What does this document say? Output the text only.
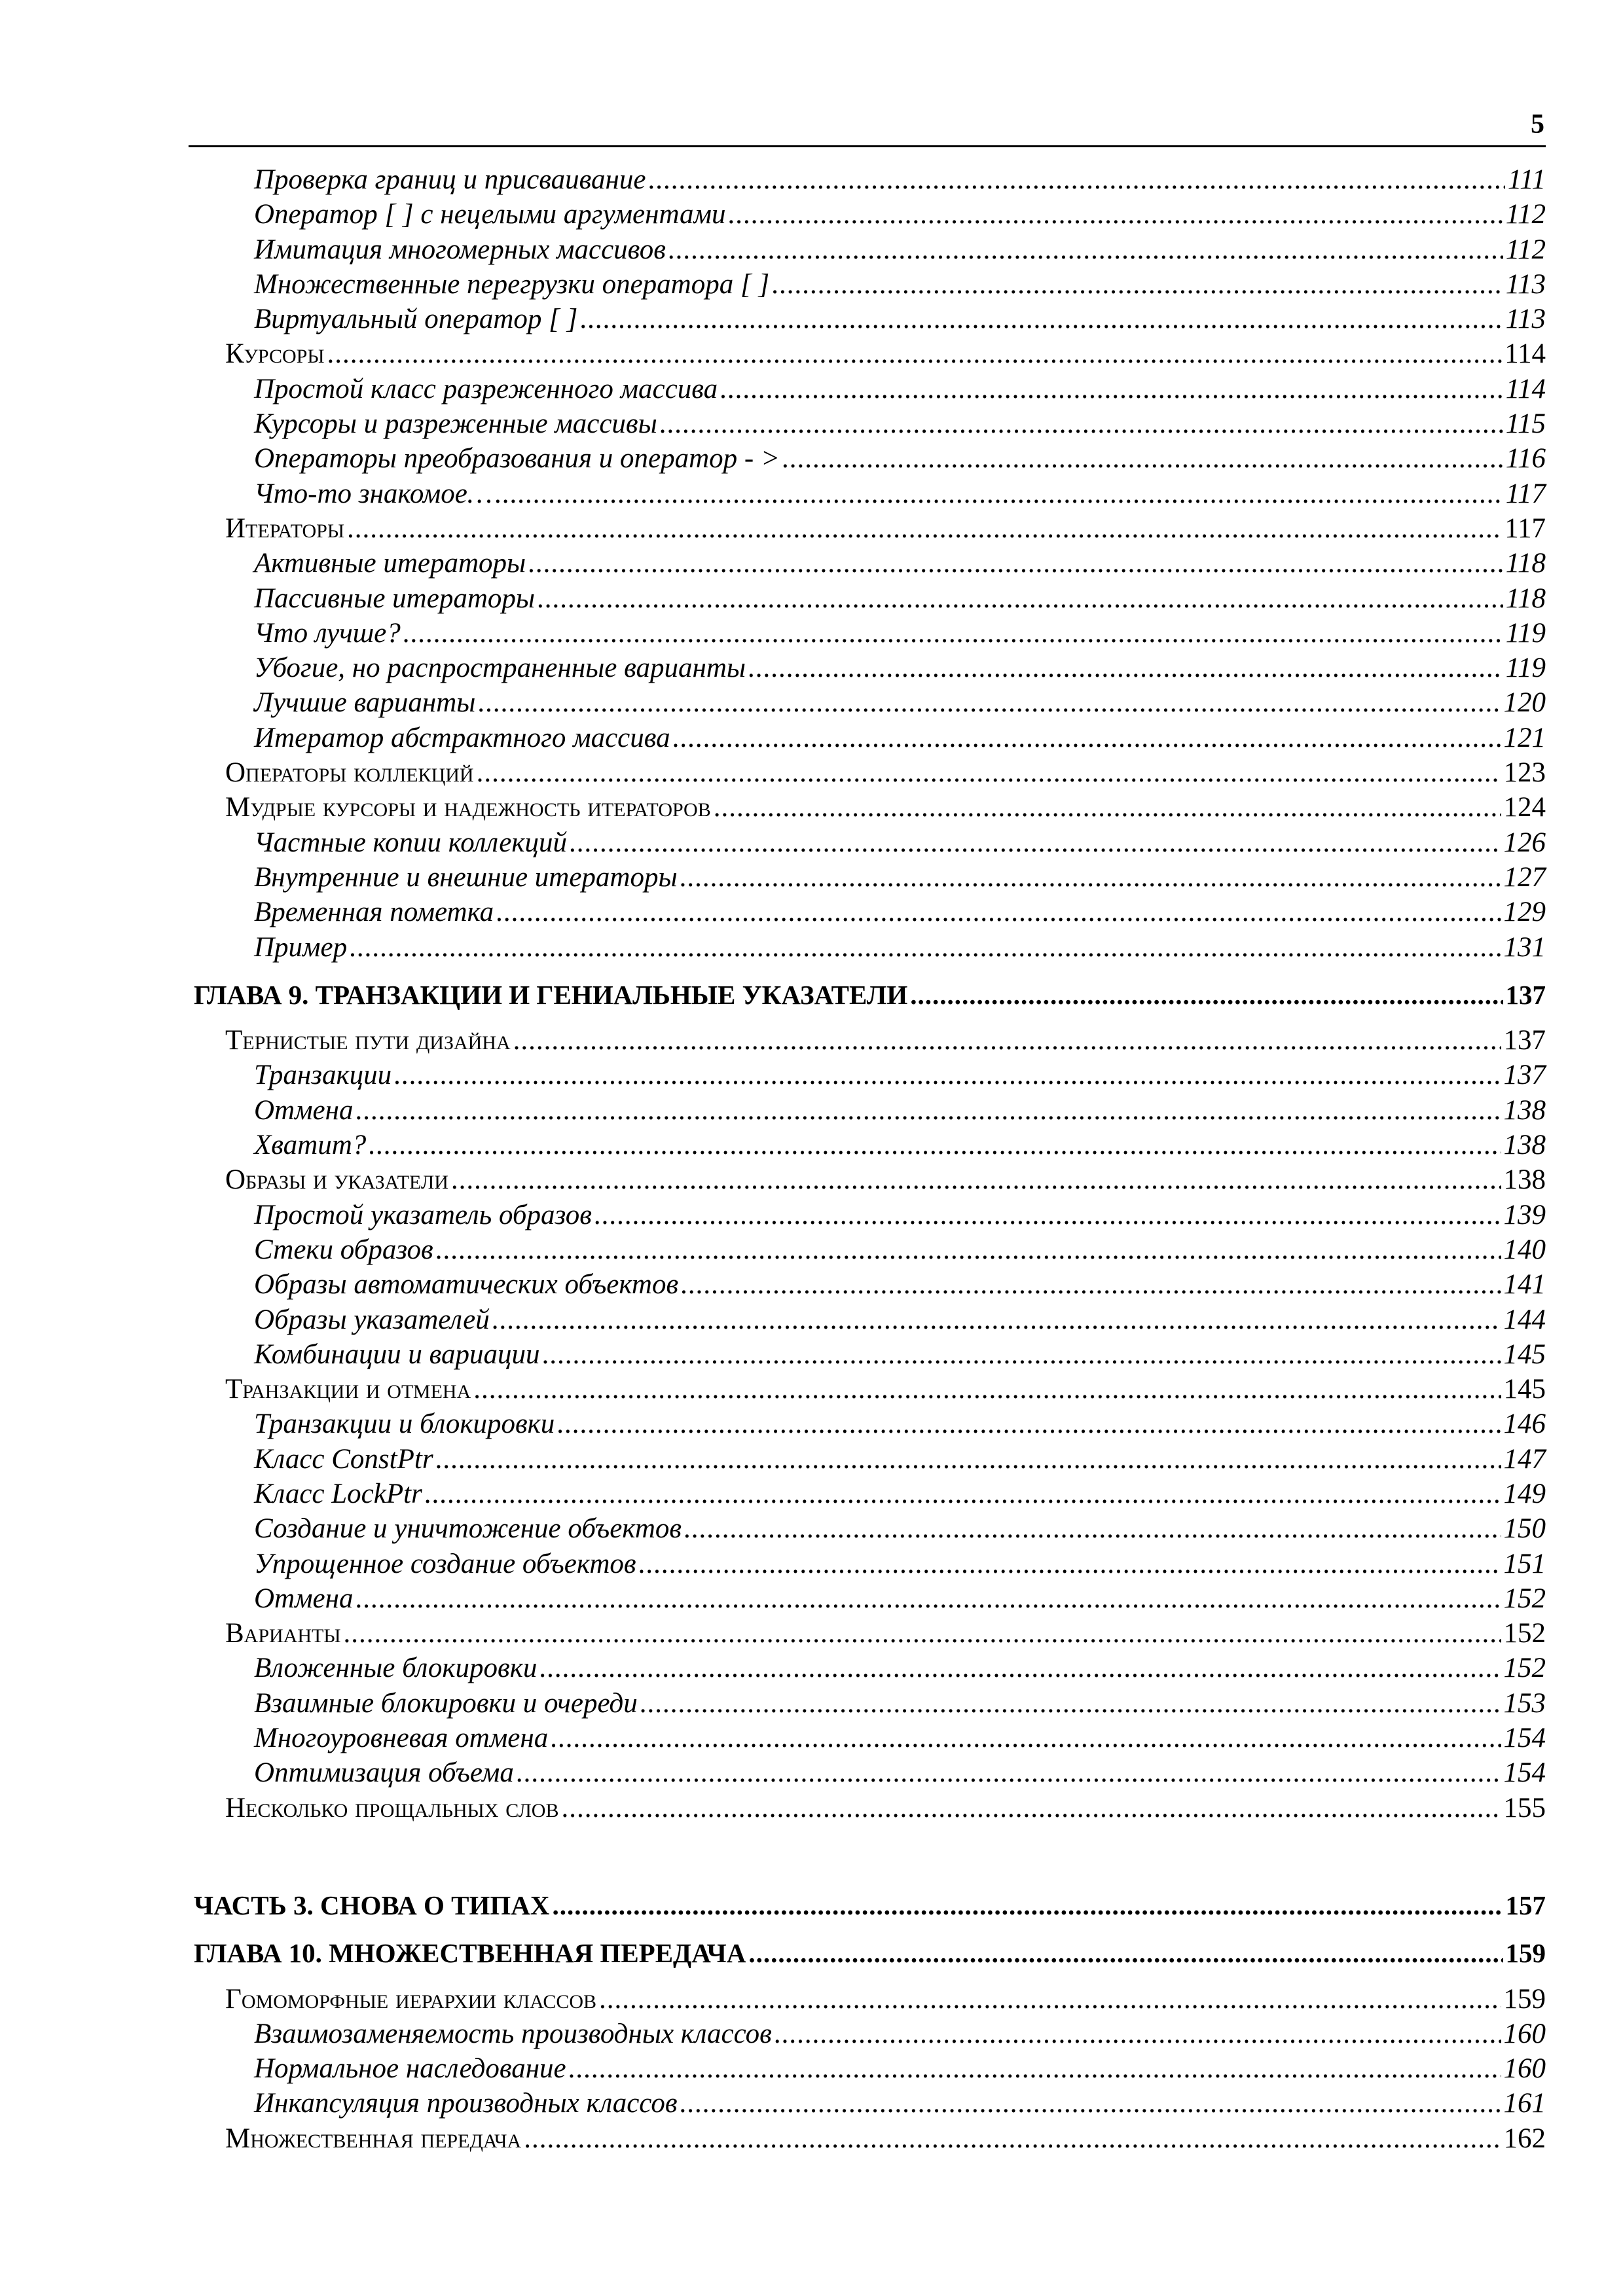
5
Проверка границ и присваивание .....	111
Оператор [ ] с нецелыми аргументами .....	112
Имитация многомерных массивов .....	112
Множественные перегрузки оператора [ ] .....	113
Виртуальный оператор [ ] .....	113
Курсоры .....	114
Простой класс разреженного массива .....	114
Курсоры и разреженные массивы .....	115
Операторы преобразования и оператор - > .....	116
Что-то знакомое… .....	117
Итераторы .....	117
Активные итераторы .....	118
Пассивные итераторы .....	118
Что лучше? .....	119
Убогие, но распространенные варианты .....	119
Лучшие варианты .....	120
Итератор абстрактного массива .....	121
Операторы коллекций .....	123
Мудрые курсоры и надежность итераторов .....	124
Частные копии коллекций .....	126
Внутренние и внешние итераторы .....	127
Временная пометка .....	129
Пример .....	131
ГЛАВА 9. ТРАНЗАКЦИИ И ГЕНИАЛЬНЫЕ УКАЗАТЕЛИ .....	137
Тернистые пути дизайна .....	137
Транзакции .....	137
Отмена .....	138
Хватит? .....	138
Образы и указатели .....	138
Простой указатель образов .....	139
Стеки образов .....	140
Образы автоматических объектов .....	141
Образы указателей .....	144
Комбинации и вариации .....	145
Транзакции и отмена .....	145
Транзакции и блокировки .....	146
Класс ConstPtr .....	147
Класс LockPtr .....	149
Создание и уничтожение объектов .....	150
Упрощенное создание объектов .....	151
Отмена .....	152
Варианты .....	152
Вложенные блокировки .....	152
Взаимные блокировки и очереди .....	153
Многоуровневая отмена .....	154
Оптимизация объема .....	154
Несколько прощальных слов .....	155
ЧАСТЬ 3. СНОВА О ТИПАХ .....	157
ГЛАВА 10. МНОЖЕСТВЕННАЯ ПЕРЕДАЧА .....	159
Гомоморфные иерархии классов .....	159
Взаимозаменяемость производных классов .....	160
Нормальное наследование .....	160
Инкапсуляция производных классов .....	161
Множественная передача .....	162
